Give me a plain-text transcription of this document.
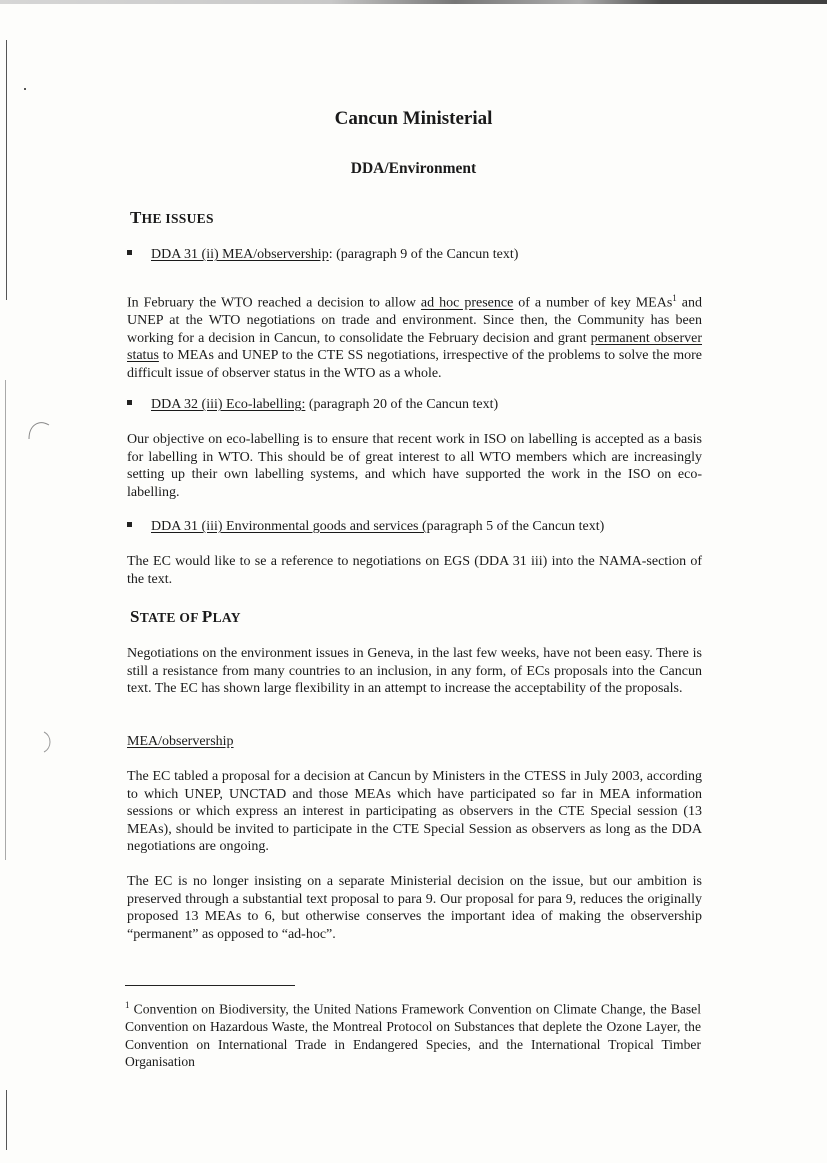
Cancun Ministerial
DDA/Environment
THE ISSUES
DDA 31 (ii) MEA/observership: (paragraph 9 of the Cancun text)
In February the WTO reached a decision to allow ad hoc presence of a number of key MEAs$^1$ and UNEP at the WTO negotiations on trade and environment. Since then, the Community has been working for a decision in Cancun, to consolidate the February decision and grant permanent observer status to MEAs and UNEP to the CTE SS negotiations, irrespective of the problems to solve the more difficult issue of observer status in the WTO as a whole.
DDA 32 (iii) Eco-labelling: (paragraph 20 of the Cancun text)
Our objective on eco-labelling is to ensure that recent work in ISO on labelling is accepted as a basis for labelling in WTO. This should be of great interest to all WTO members which are increasingly setting up their own labelling systems, and which have supported the work in the ISO on eco-labelling.
DDA 31 (iii) Environmental goods and services (paragraph 5 of the Cancun text)
The EC would like to se a reference to negotiations on EGS (DDA 31 iii) into the NAMA-section of the text.
STATE OF PLAY
Negotiations on the environment issues in Geneva, in the last few weeks, have not been easy. There is still a resistance from many countries to an inclusion, in any form, of ECs proposals into the Cancun text. The EC has shown large flexibility in an attempt to increase the acceptability of the proposals.
MEA/observership
The EC tabled a proposal for a decision at Cancun by Ministers in the CTESS in July 2003, according to which UNEP, UNCTAD and those MEAs which have participated so far in MEA information sessions or which express an interest in participating as observers in the CTE Special session (13 MEAs), should be invited to participate in the CTE Special Session as observers as long as the DDA negotiations are ongoing.
The EC is no longer insisting on a separate Ministerial decision on the issue, but our ambition is preserved through a substantial text proposal to para 9. Our proposal for para 9, reduces the originally proposed 13 MEAs to 6, but otherwise conserves the important idea of making the observership “permanent” as opposed to “ad-hoc”.
$^1$ Convention on Biodiversity, the United Nations Framework Convention on Climate Change, the Basel Convention on Hazardous Waste, the Montreal Protocol on Substances that deplete the Ozone Layer, the Convention on International Trade in Endangered Species, and the International Tropical Timber Organisation
